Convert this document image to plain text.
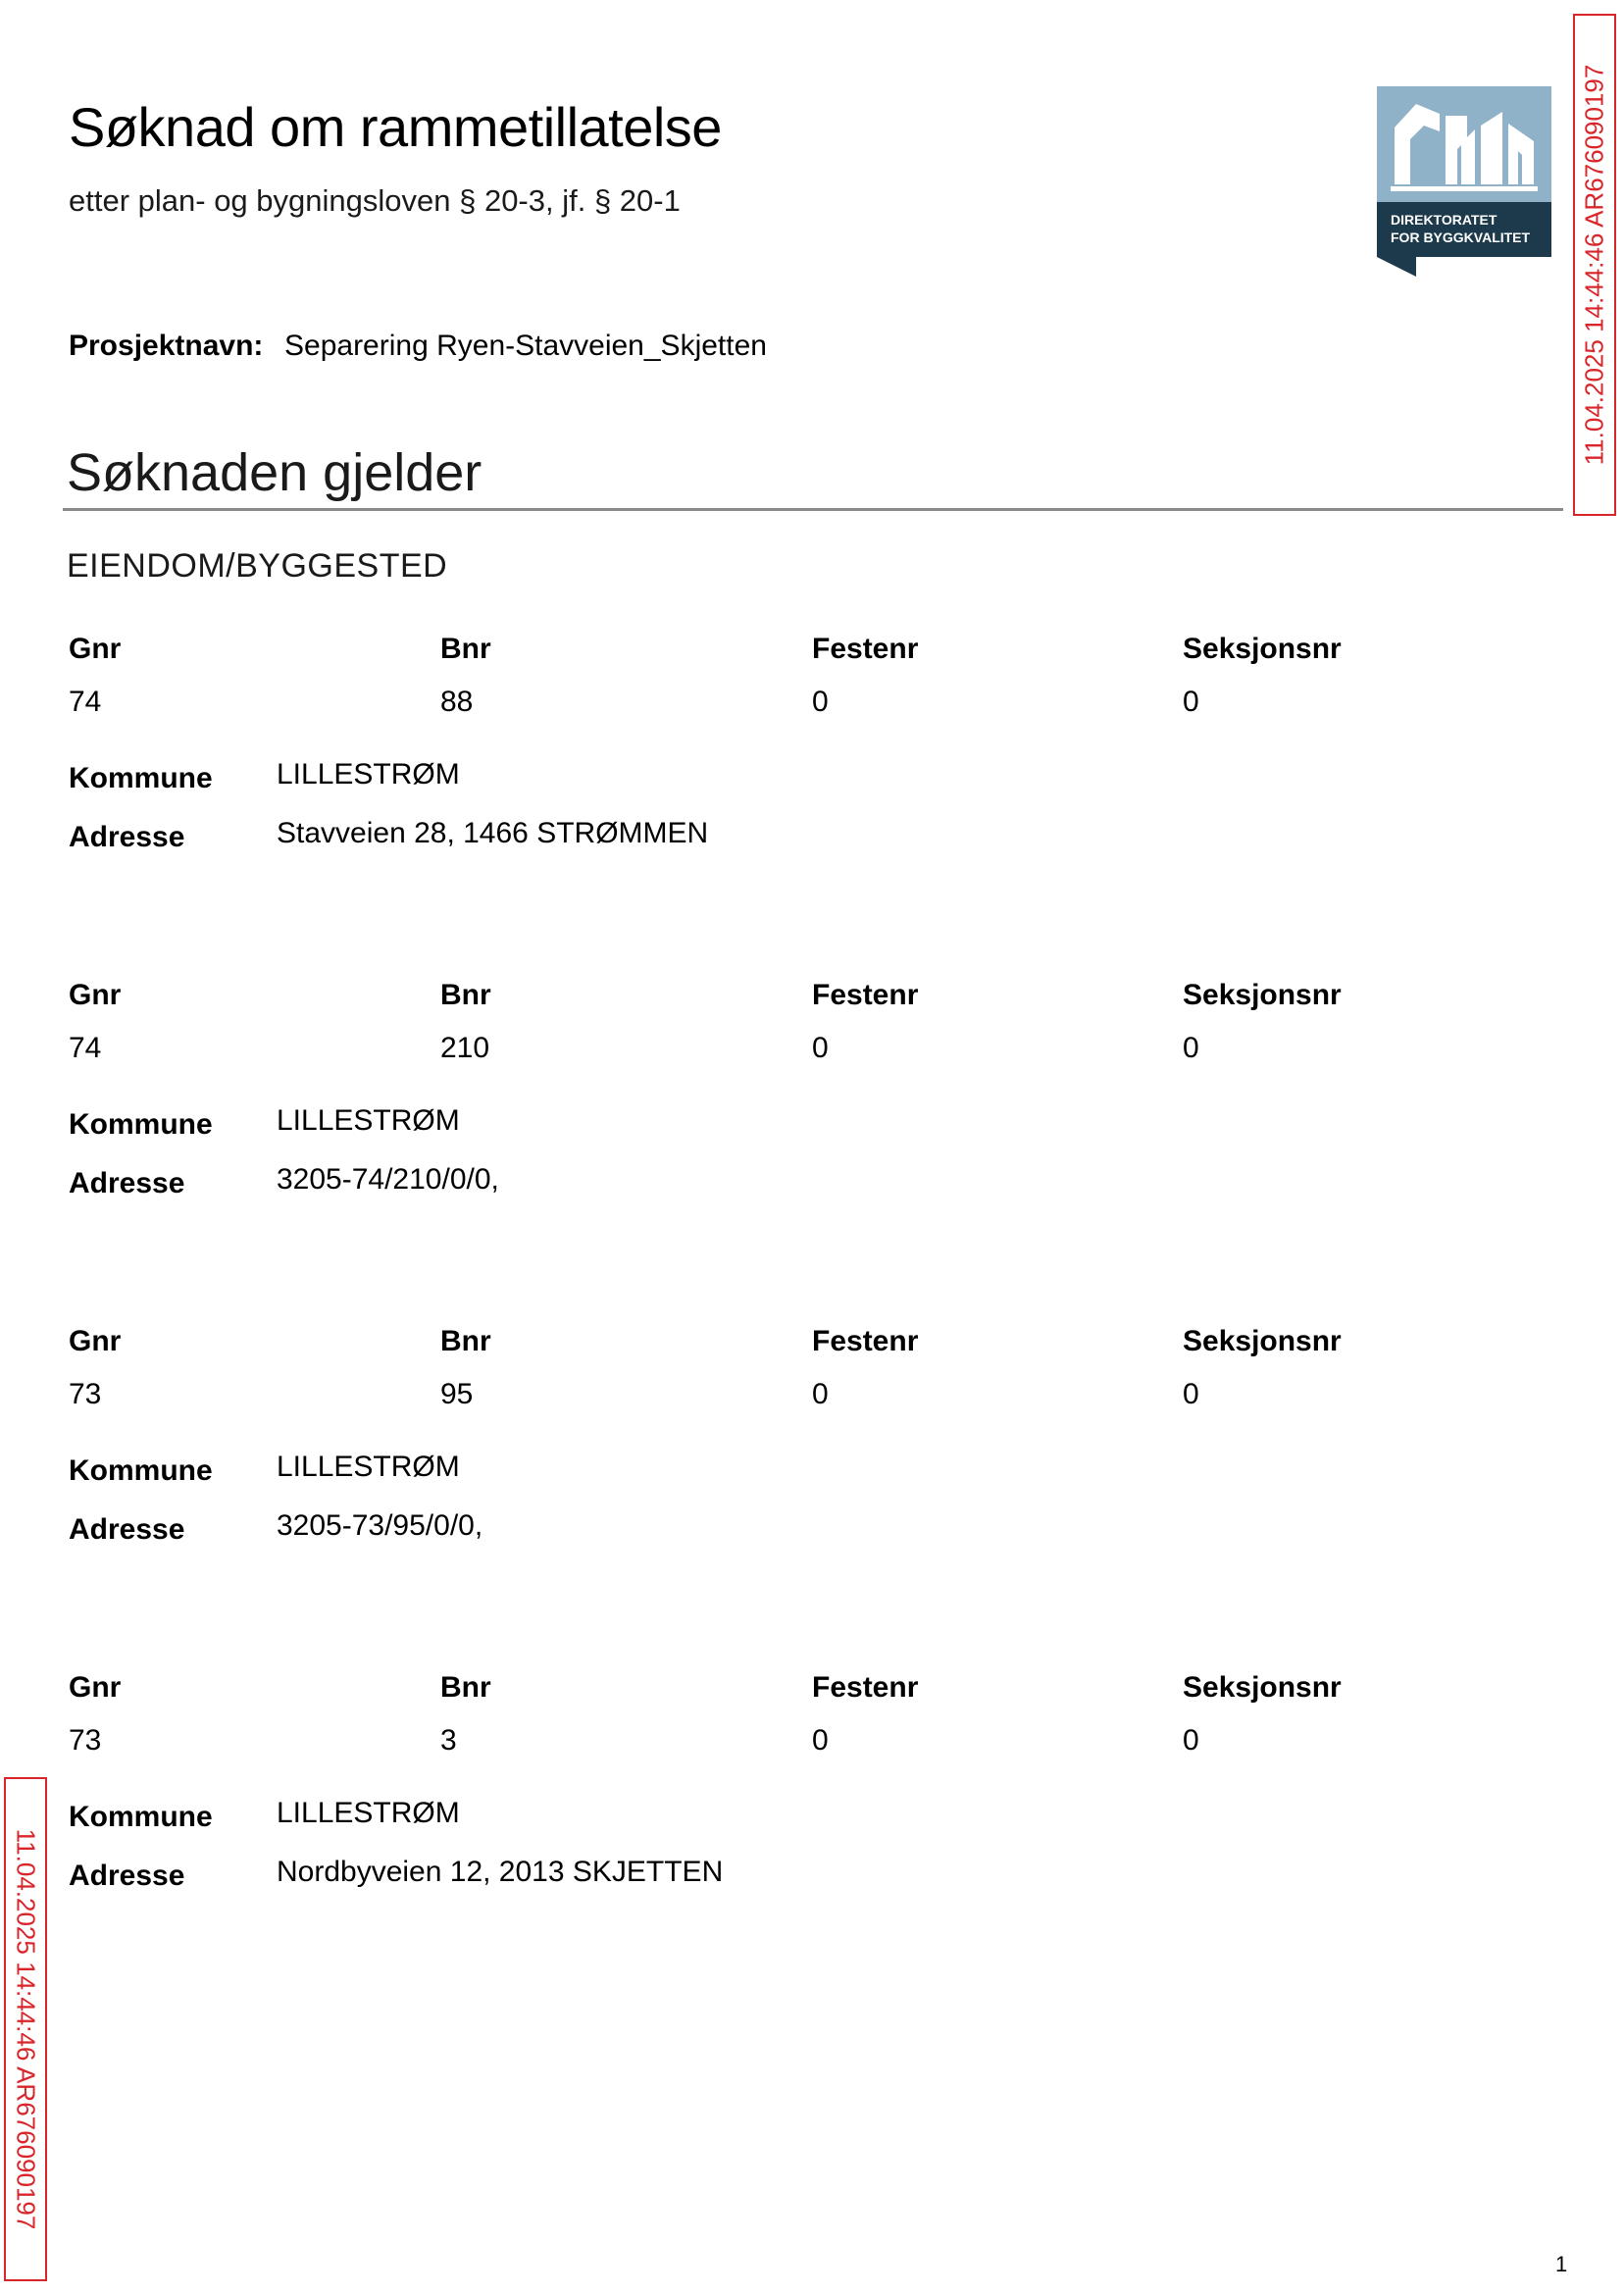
Søknad om rammetillatelse
etter plan- og bygningsloven § 20-3, jf. § 20-1
DIREKTORATET
FOR BYGGKVALITET 11.04.2025 14:44:46 AR676090197
11.04.2025 14:44:46 AR676090197
Prosjektnavn: Separering Ryen-Stavveien_Skjetten
Søknaden gjelder
EIENDOM/BYGGESTED
Gnr	Bnr	Festenr	Seksjonsnr
74	88	0	0
Kommune LILLESTRØM
Adresse	Stavveien 28, 1466 STRØMMEN
Gnr	Bnr	Festenr	Seksjonsnr
74	210	0	0
Kommune LILLESTRØM
Adresse	3205-74/210/0/0,
Gnr	Bnr	Festenr	Seksjonsnr
73	95	0	0
Kommune LILLESTRØM
Adresse	3205-73/95/0/0,
Gnr	Bnr	Festenr	Seksjonsnr
73	3	0	0
Kommune LILLESTRØM
Adresse	Nordbyveien 12, 2013 SKJETTEN
1
